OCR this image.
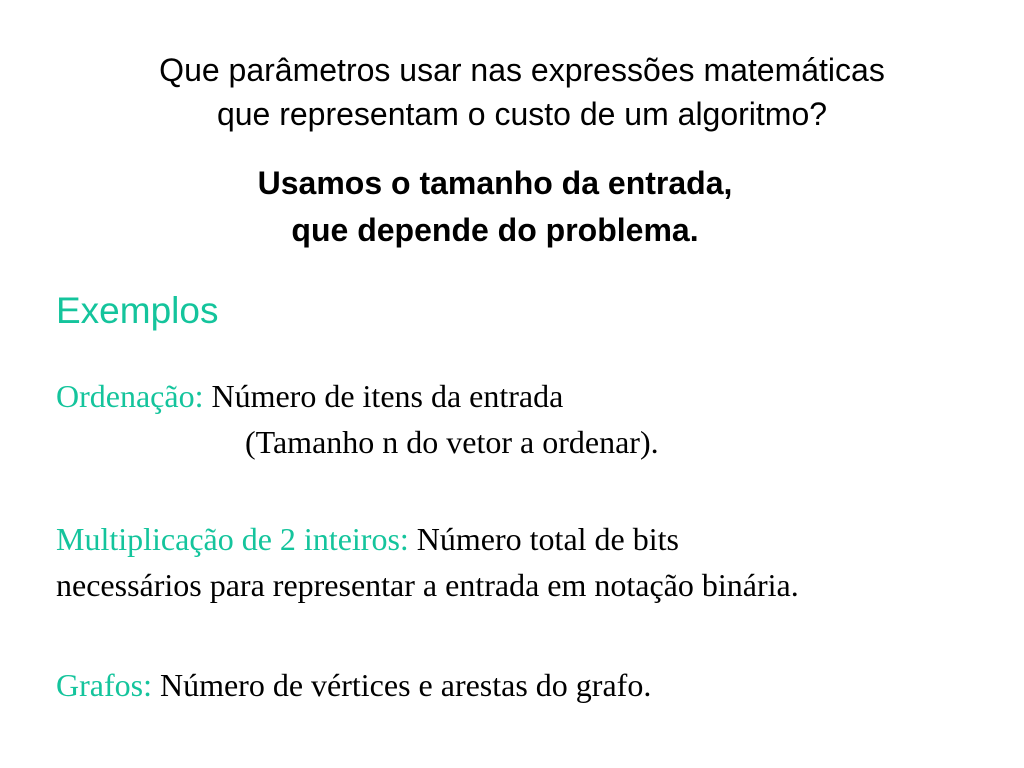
Que parâmetros usar nas expressões matemáticas
que representam o custo de um algoritmo?
Usamos o tamanho da entrada,
que depende do problema.
Exemplos
Ordenação: Número de itens da entrada
(Tamanho n do vetor a ordenar).
Multiplicação de 2 inteiros: Número total de bits
necessários para representar a entrada em notação binária.
Grafos: Número de vértices e arestas do grafo.
